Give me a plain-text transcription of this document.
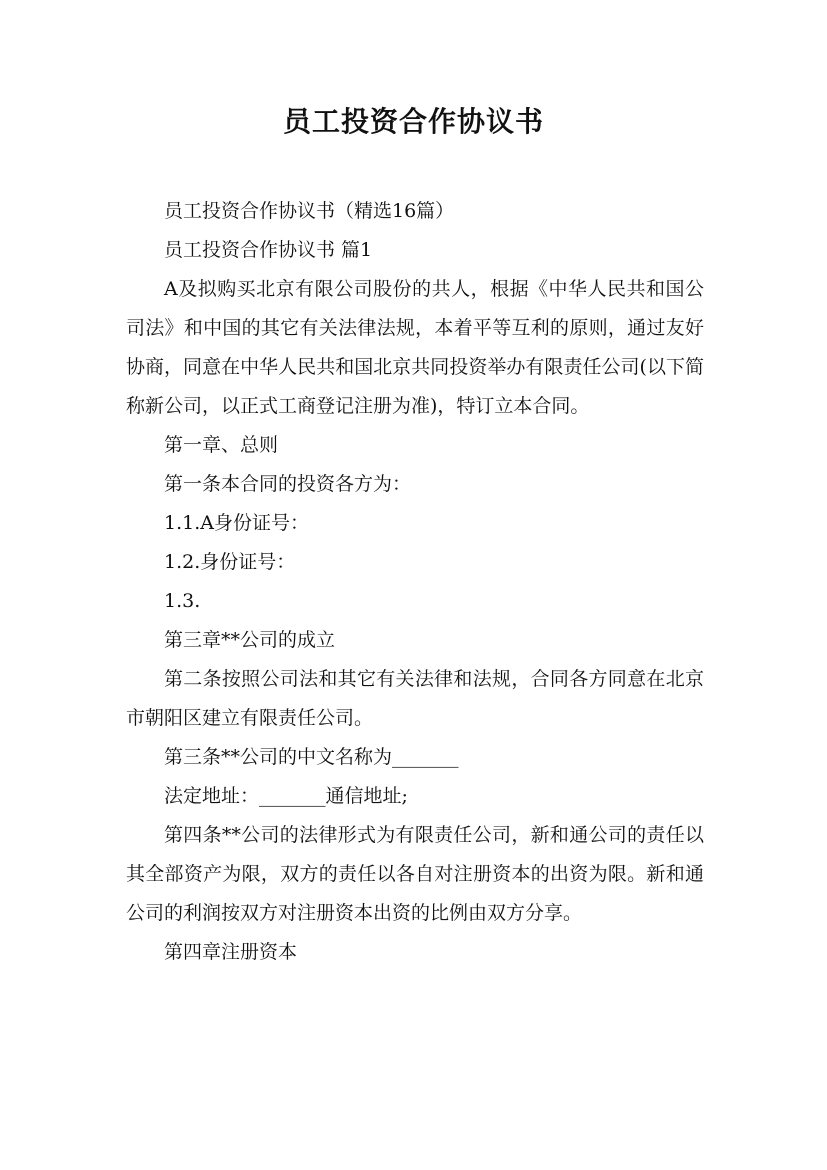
员工投资合作协议书

员工投资合作协议书（精选16篇）

员工投资合作协议书 篇1

A及拟购买北京有限公司股份的共人，根据《中华人民共和国公司法》和中国的其它有关法律法规，本着平等互利的原则，通过友好协商，同意在中华人民共和国北京共同投资举办有限责任公司(以下简称新公司，以正式工商登记注册为准)，特订立本合同。

第一章、总则

第一条本合同的投资各方为：

1.1.A身份证号：

1.2.身份证号：

1.3.

第三章**公司的成立

第二条按照公司法和其它有关法律和法规，合同各方同意在北京市朝阳区建立有限责任公司。

第三条**公司的中文名称为_______

法定地址：_______通信地址;

第四条**公司的法律形式为有限责任公司，新和通公司的责任以其全部资产为限，双方的责任以各自对注册资本的出资为限。新和通公司的利润按双方对注册资本出资的比例由双方分享。

第四章注册资本
